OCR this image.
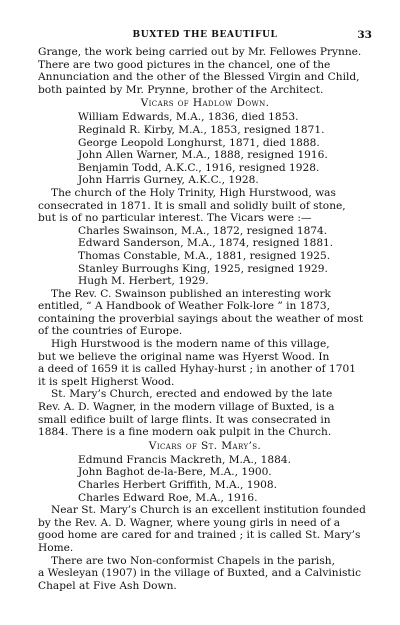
BUXTED THE BEAUTIFUL	33
Grange, the work being carried out by Mr. Fellowes Prynne.
There are two good pictures in the chancel, one of the
Annunciation and the other of the Blessed Virgin and Child,
both painted by Mr. Prynne, brother of the Architect.
Vicars of Hadlow Down.
William Edwards, M.A., 1836, died 1853.
Reginald R. Kirby, M.A., 1853, resigned 1871.
George Leopold Longhurst, 1871, died 1888.
John Allen Warner, M.A., 1888, resigned 1916.
Benjamin Todd, A.K.C., 1916, resigned 1928.
John Harris Gurney, A.K.C., 1928.
The church of the Holy Trinity, High Hurstwood, was
consecrated in 1871. It is small and solidly built of stone,
but is of no particular interest. The Vicars were :—
Charles Swainson, M.A., 1872, resigned 1874.
Edward Sanderson, M.A., 1874, resigned 1881.
Thomas Constable, M.A., 1881, resigned 1925.
Stanley Burroughs King, 1925, resigned 1929.
Hugh M. Herbert, 1929.
The Rev. C. Swainson published an interesting work
entitled, “ A Handbook of Weather Folk-lore ” in 1873,
containing the proverbial sayings about the weather of most
of the countries of Europe.
High Hurstwood is the modern name of this village,
but we believe the original name was Hyerst Wood. In
a deed of 1659 it is called Hyhay-hurst ; in another of 1701
it is spelt Higherst Wood.
St. Mary’s Church, erected and endowed by the late
Rev. A. D. Wagner, in the modern village of Buxted, is a
small edifice built of large flints. It was consecrated in
1884. There is a fine modern oak pulpit in the Church.
Vicars of St. Mary’s.
Edmund Francis Mackreth, M.A., 1884.
John Baghot de-la-Bere, M.A., 1900.
Charles Herbert Griffith, M.A., 1908.
Charles Edward Roe, M.A., 1916.
Near St. Mary’s Church is an excellent institution founded
by the Rev. A. D. Wagner, where young girls in need of a
good home are cared for and trained ; it is called St. Mary’s
Home.
There are two Non-conformist Chapels in the parish,
a Wesleyan (1907) in the village of Buxted, and a Calvinistic
Chapel at Five Ash Down.
